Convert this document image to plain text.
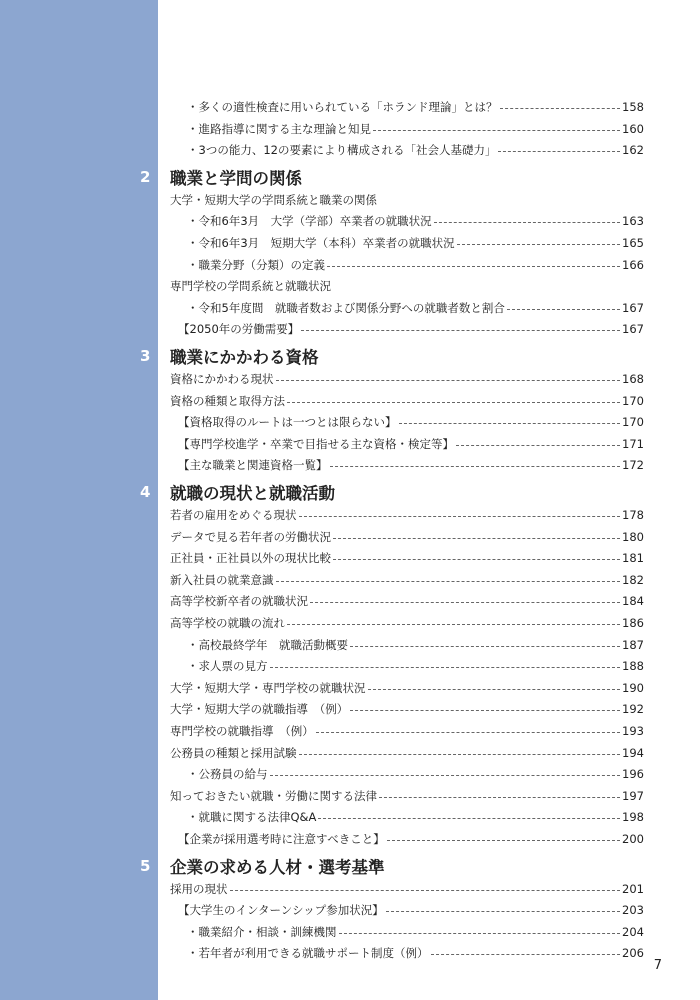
・多くの適性検査に用いられている「ホランド理論」とは？	158
・進路指導に関する主な理論と知見	160
・3つの能力、12の要素により構成される「社会人基礎力」	162
2	職業と学問の関係
大学・短期大学の学問系統と職業の関係
・令和6年3月　大学（学部）卒業者の就職状況	163
・令和6年3月　短期大学（本科）卒業者の就職状況	165
・職業分野（分類）の定義	166
専門学校の学問系統と就職状況
・令和5年度間　就職者数および関係分野への就職者数と割合	167
【2050年の労働需要】	167
3	職業にかかわる資格
資格にかかわる現状	168
資格の種類と取得方法	170
【資格取得のルートは一つとは限らない】	170
【専門学校進学・卒業で目指せる主な資格・検定等】	171
【主な職業と関連資格一覧】	172
4	就職の現状と就職活動
若者の雇用をめぐる現状	178
データで見る若年者の労働状況	180
正社員・正社員以外の現状比較	181
新入社員の就業意識	182
高等学校新卒者の就職状況	184
高等学校の就職の流れ	186
・高校最終学年　就職活動概要	187
・求人票の見方	188
大学・短期大学・専門学校の就職状況	190
大学・短期大学の就職指導　（例）	192
専門学校の就職指導　（例）	193
公務員の種類と採用試験	194
・公務員の給与	196
知っておきたい就職・労働に関する法律	197
・就職に関する法律Q&A	198
【企業が採用選考時に注意すべきこと】	200
5	企業の求める人材・選考基準
採用の現状	201
【大学生のインターンシップ参加状況】	203
・職業紹介・相談・訓練機関	204
・若年者が利用できる就職サポート制度（例）	206
7
